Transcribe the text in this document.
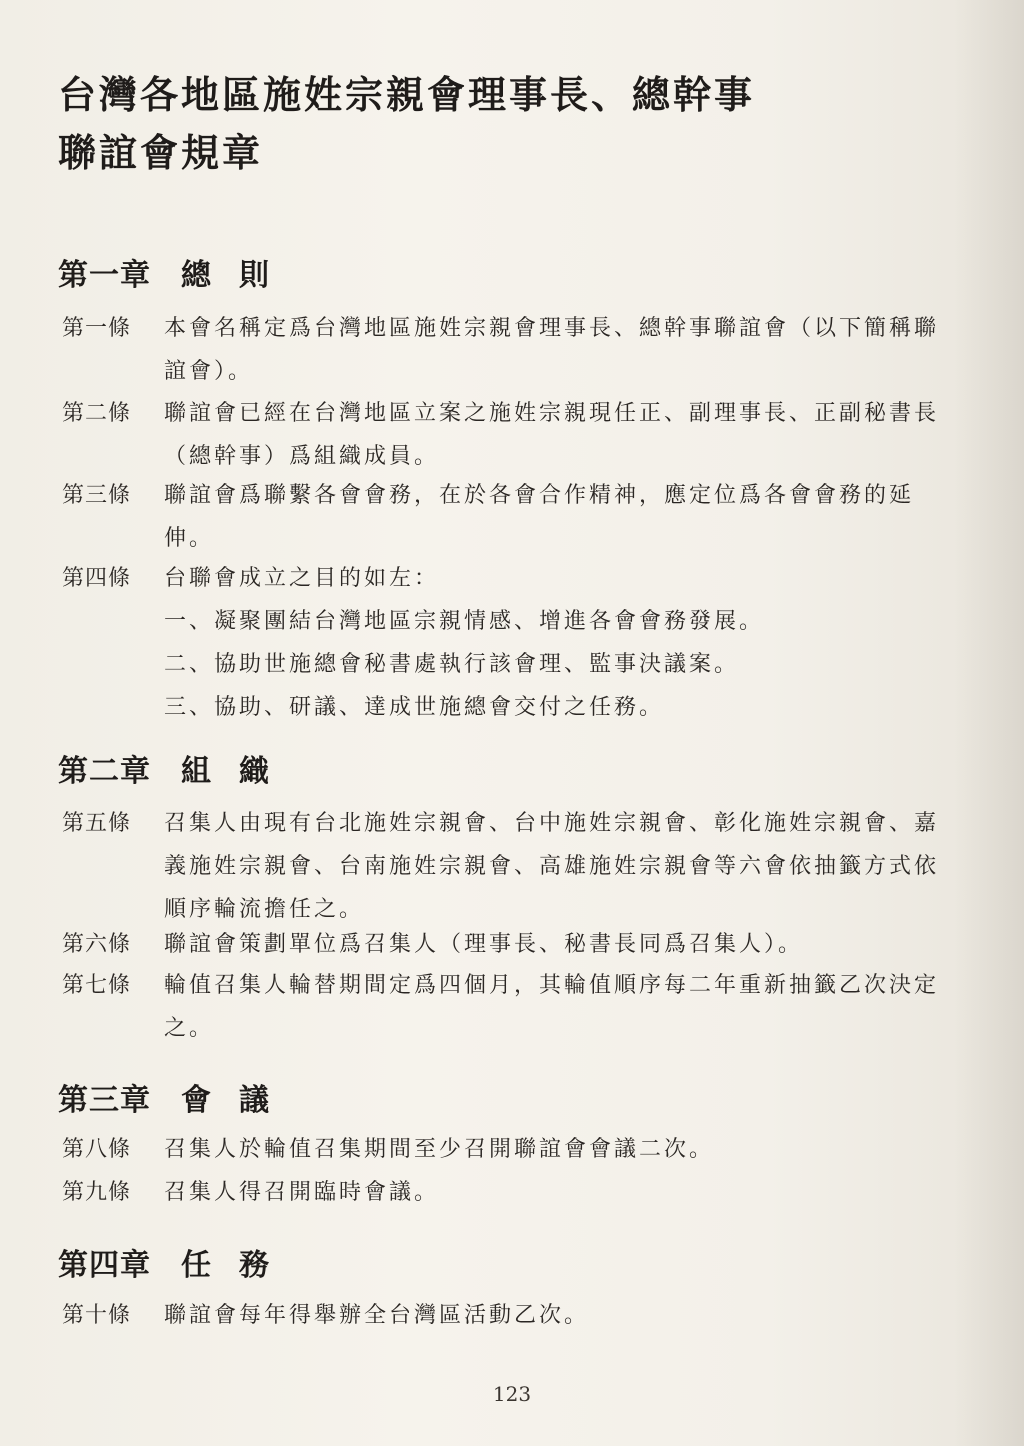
台灣各地區施姓宗親會理事長、總幹事
聯誼會規章
第一章 總則
第一條	本會名稱定爲台灣地區施姓宗親會理事長、總幹事聯誼會（以下簡稱聯誼會）。
第二條	聯誼會已經在台灣地區立案之施姓宗親現任正、副理事長、正副秘書長（總幹事）爲組織成員。
第三條	聯誼會爲聯繫各會會務，在於各會合作精神，應定位爲各會會務的延伸。
第四條	台聯會成立之目的如左：
一、凝聚團結台灣地區宗親情感、增進各會會務發展。
二、協助世施總會秘書處執行該會理、監事決議案。
三、協助、研議、達成世施總會交付之任務。
第二章 組織
第五條	召集人由現有台北施姓宗親會、台中施姓宗親會、彰化施姓宗親會、嘉義施姓宗親會、台南施姓宗親會、高雄施姓宗親會等六會依抽籤方式依順序輪流擔任之。
第六條	聯誼會策劃單位爲召集人（理事長、秘書長同爲召集人）。
第七條	輪值召集人輪替期間定爲四個月，其輪值順序每二年重新抽籤乙次決定之。
第三章 會議
第八條	召集人於輪值召集期間至少召開聯誼會會議二次。
第九條	召集人得召開臨時會議。
第四章 任務
第十條	聯誼會每年得舉辦全台灣區活動乙次。
123
